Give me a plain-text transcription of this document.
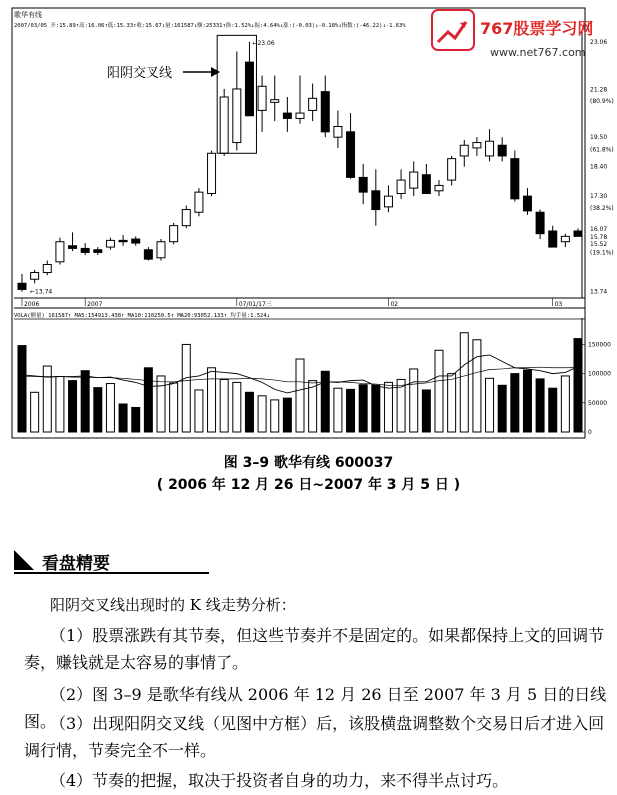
歌华有线
2007/03/05 开:15.89↑高:16.06↑低:15.33↑收:15.67↓量:161587↓额:25331↑换:1.52%↓振:4.64%↓涨:(-0.03)↓-0.18%↓指数:(-46.22)↓-1.63%
23.06
21.28
(80.9%)
19.50
(61.8%)
18.40
17.30
(38.2%)
16.07
15.78
15.52
(19.1%)
13.74
2006	2007	07/01/17三	02	03
←13.74
VOLA(额量) 161587↑ MA5:154913.438↑ MA10:110250.5↑ MA20:93052.133↑ 均手量:1.524↓
150000
100000
50000
0
←23.06
阳阴交叉线
767股票学习网
www.net767.com
图 3–9 歌华有线 600037
( 2006 年 12 月 26 日~2007 年 3 月 5 日 )
看盘精要
阳阴交叉线出现时的 K 线走势分析：
（1）股票涨跌有其节奏，但这些节奏并不是固定的。如果都保持上文的回调节奏，赚钱就是太容易的事情了。
（2）图 3–9 是歌华有线从 2006 年 12 月 26 日至 2007 年 3 月 5 日的日线图。
（3）出现阳阴交叉线（见图中方框）后，该股横盘调整数个交易日后才进入回调行情，节奏完全不一样。
（4）节奏的把握，取决于投资者自身的功力，来不得半点讨巧。
